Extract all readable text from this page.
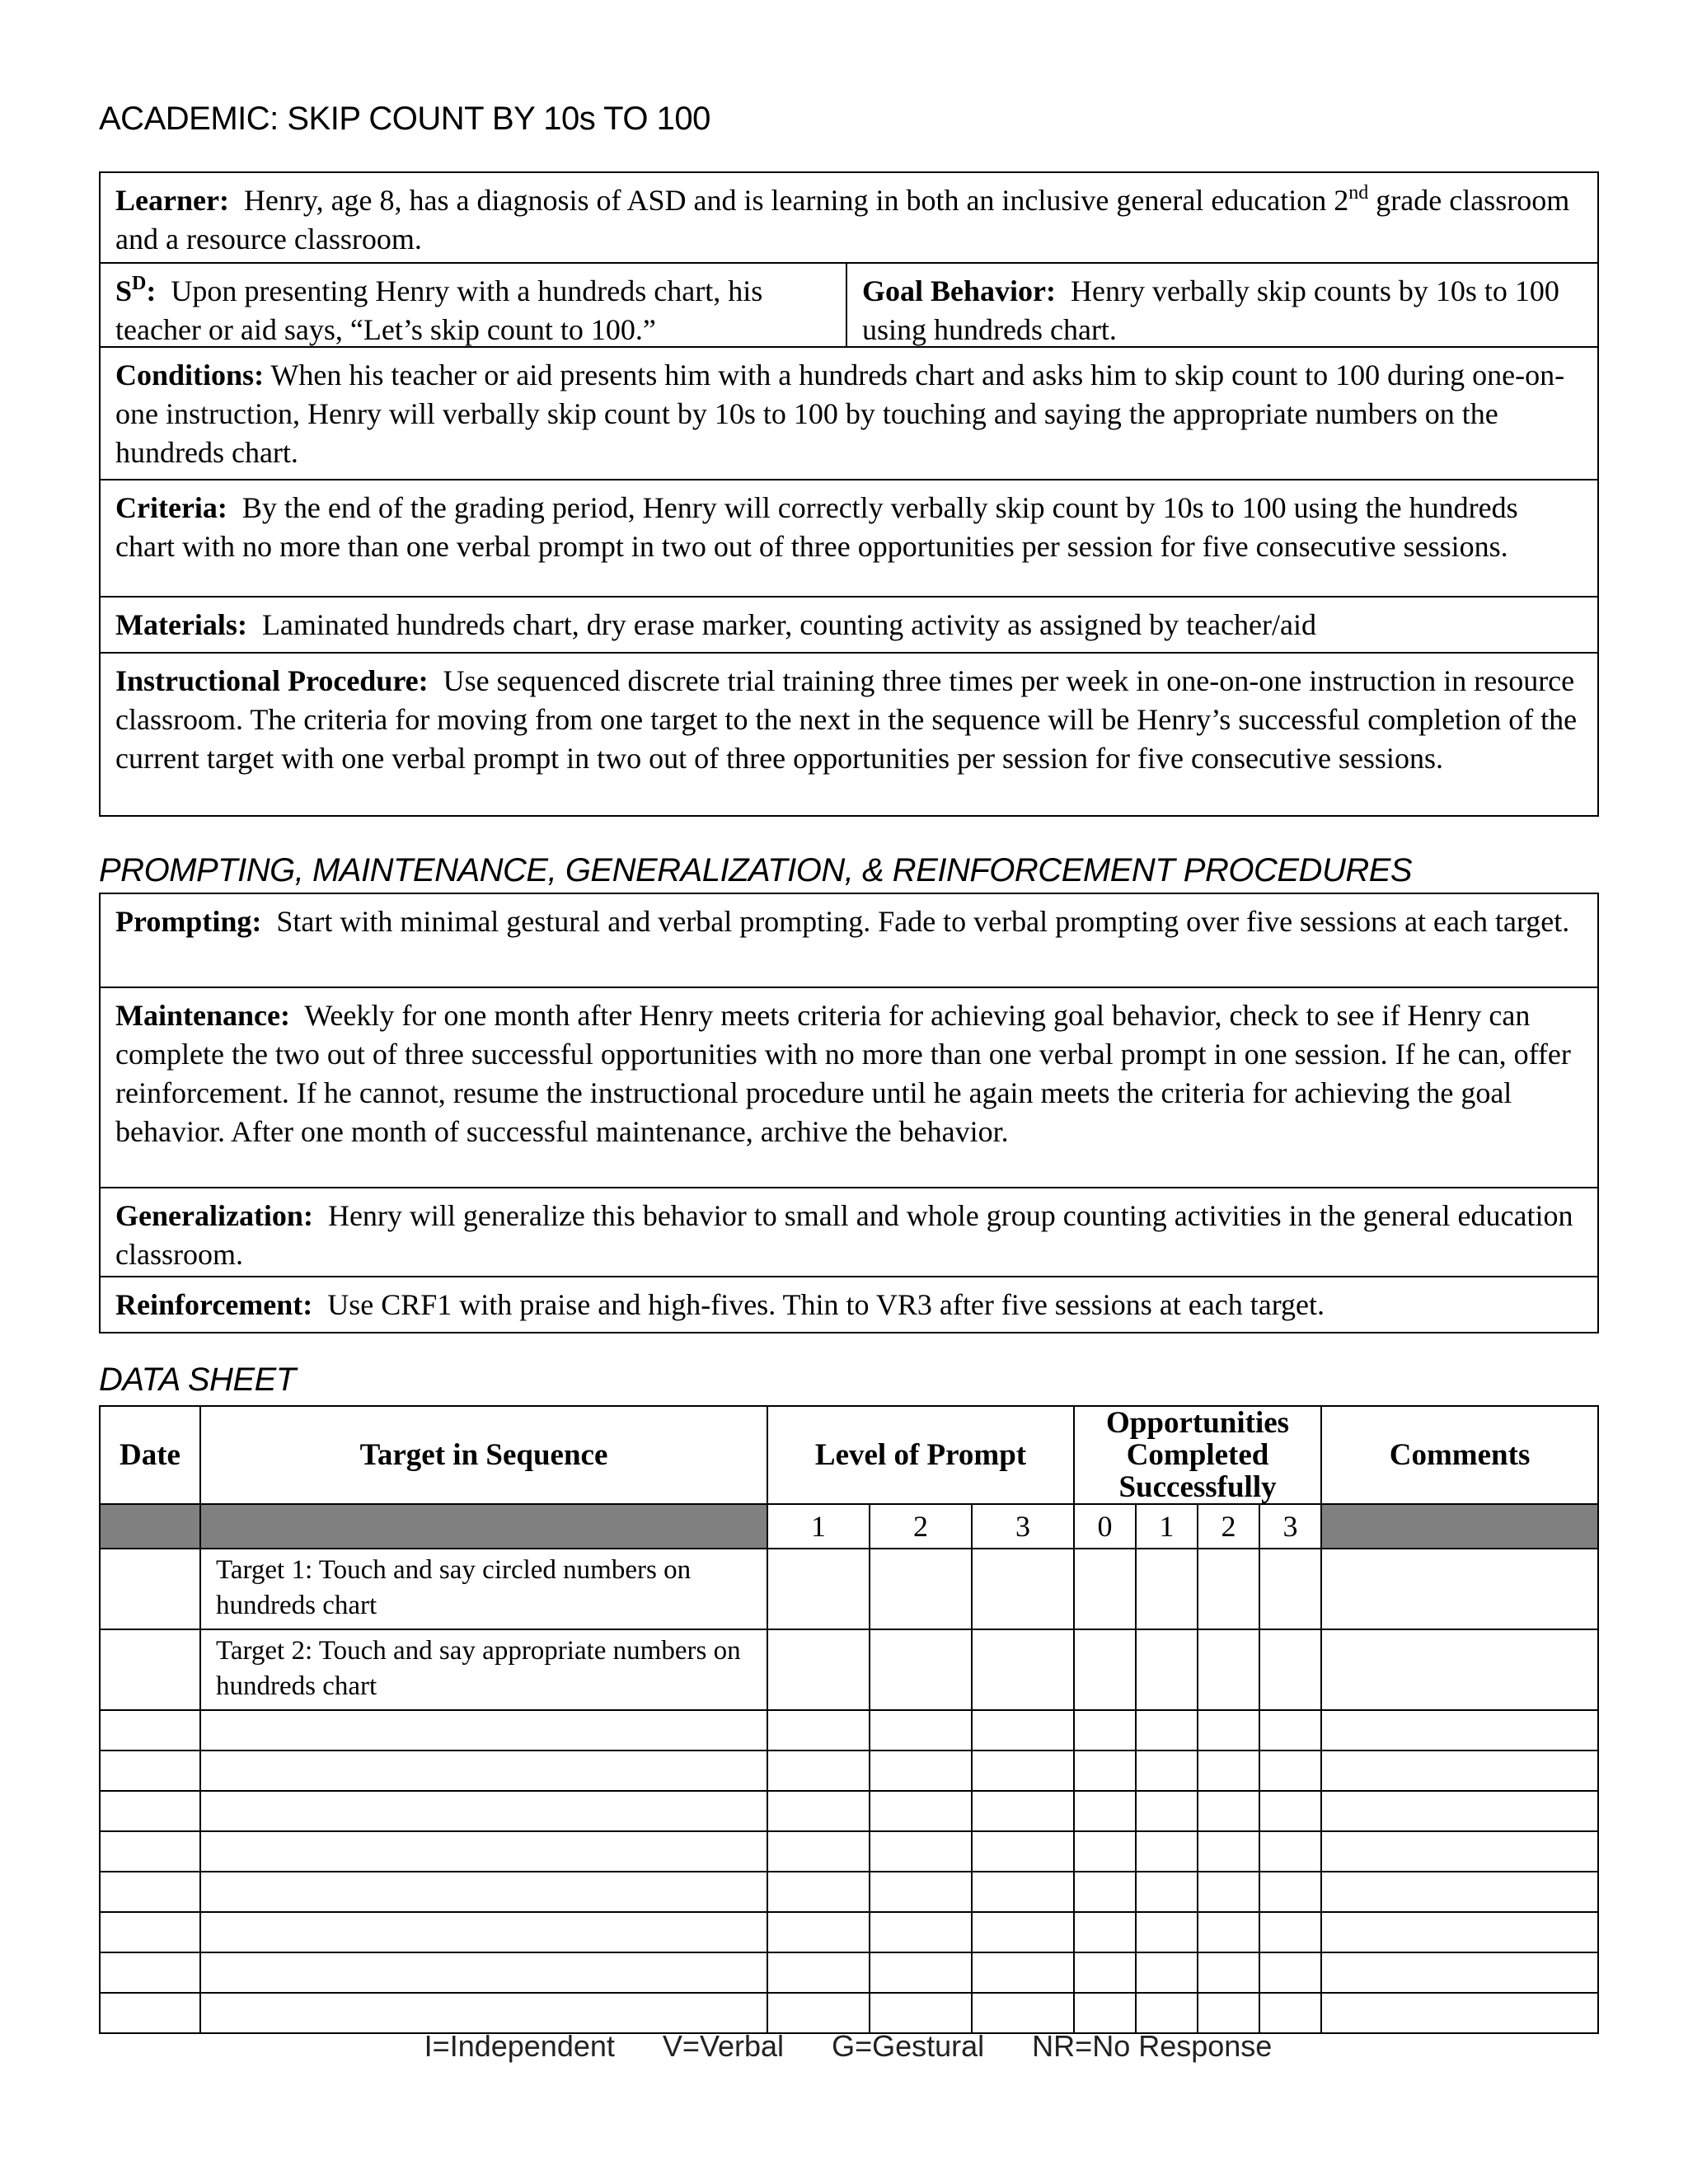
ACADEMIC: SKIP COUNT BY 10s TO 100
Learner: Henry, age 8, has a diagnosis of ASD and is learning in both an inclusive general education 2nd grade classroom and a resource classroom.
$S^D$: Upon presenting Henry with a hundreds chart, his teacher or aid says, “Let’s skip count to 100.”
Goal Behavior: Henry verbally skip counts by 10s to 100 using hundreds chart.
Conditions: When his teacher or aid presents him with a hundreds chart and asks him to skip count to 100 during one-on-one instruction, Henry will verbally skip count by 10s to 100 by touching and saying the appropriate numbers on the hundreds chart.
Criteria: By the end of the grading period, Henry will correctly verbally skip count by 10s to 100 using the hundreds chart with no more than one verbal prompt in two out of three opportunities per session for five consecutive sessions.
Materials: Laminated hundreds chart, dry erase marker, counting activity as assigned by teacher/aid
Instructional Procedure: Use sequenced discrete trial training three times per week in one-on-one instruction in resource classroom. The criteria for moving from one target to the next in the sequence will be Henry’s successful completion of the current target with one verbal prompt in two out of three opportunities per session for five consecutive sessions.
PROMPTING, MAINTENANCE, GENERALIZATION, & REINFORCEMENT PROCEDURES
Prompting: Start with minimal gestural and verbal prompting. Fade to verbal prompting over five sessions at each target.
Maintenance: Weekly for one month after Henry meets criteria for achieving goal behavior, check to see if Henry can complete the two out of three successful opportunities with no more than one verbal prompt in one session. If he can, offer reinforcement. If he cannot, resume the instructional procedure until he again meets the criteria for achieving the goal behavior. After one month of successful maintenance, archive the behavior.
Generalization: Henry will generalize this behavior to small and whole group counting activities in the general education classroom.
Reinforcement: Use CRF1 with praise and high-fives. Thin to VR3 after five sessions at each target.
DATA SHEET
Date	Target in Sequence	Level of Prompt			Opportunities Completed Successfully				Comments
		1	2	3	0	1	2	3	
	Target 1: Touch and say circled numbers on hundreds chart								
	Target 2: Touch and say appropriate numbers on hundreds chart								

I=Independent V=Verbal G=Gestural NR=No Response
